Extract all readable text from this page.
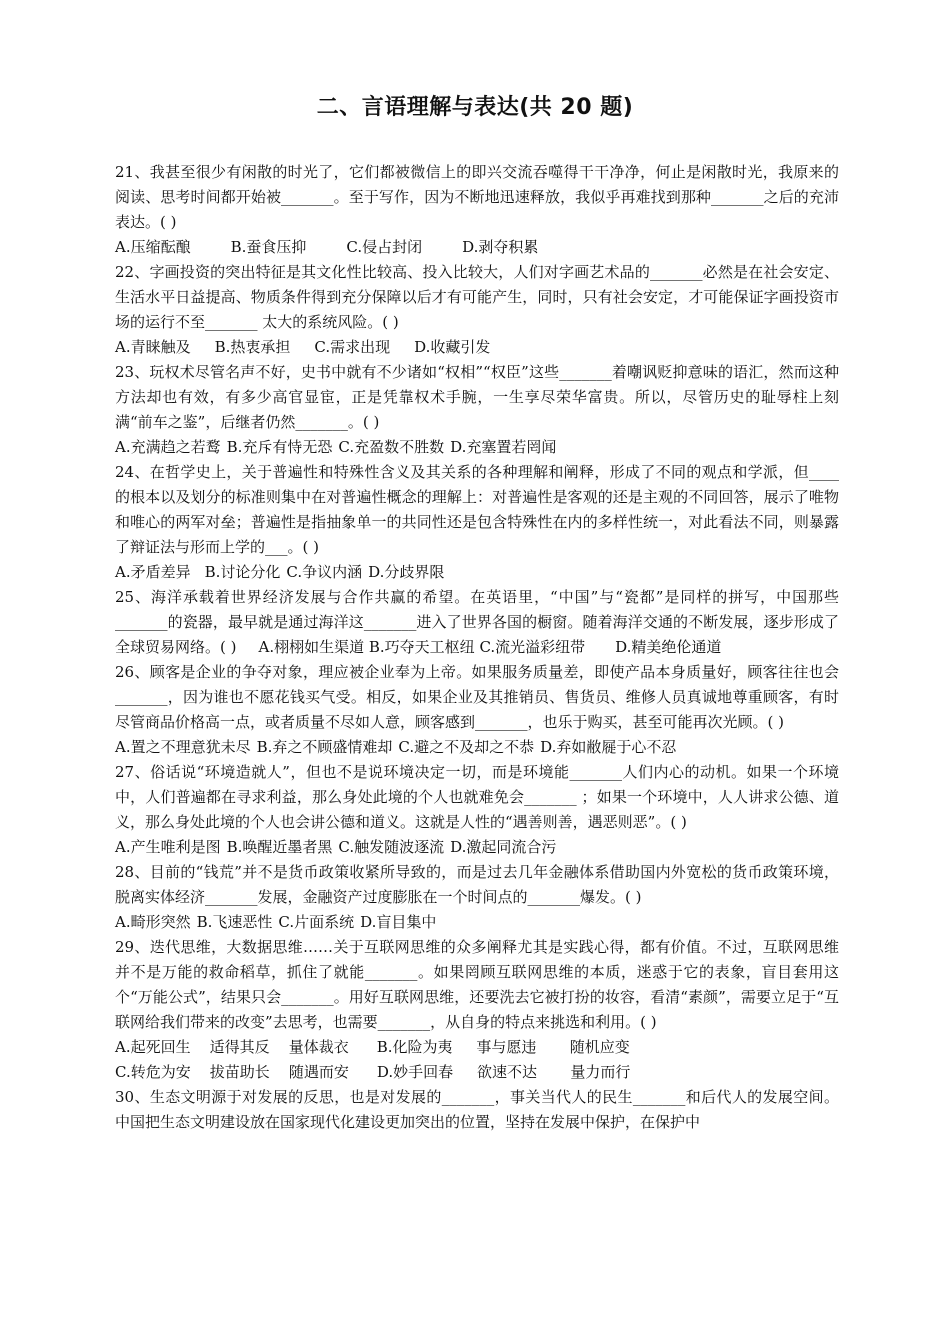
二、言语理解与表达(共 20 题)

21、我甚至很少有闲散的时光了，它们都被微信上的即兴交流吞噬得干干净净，何止是闲散时光，我原来的阅读、思考时间都开始被_______。至于写作，因为不断地迅速释放，我似乎再难找到那种_______之后的充沛表达。( )

A.压缩酝酿	B.蚕食压抑	C.侵占封闭	D.剥夺积累

22、字画投资的突出特征是其文化性比较高、投入比较大，人们对字画艺术品的_______必然是在社会安定、生活水平日益提高、物质条件得到充分保障以后才有可能产生，同时，只有社会安定，才可能保证字画投资市场的运行不至_______ 太大的系统风险。( )

A.青睐触及 B.热衷承担 C.需求出现 D.收藏引发

23、玩权术尽管名声不好，史书中就有不少诸如“权相”“权臣”这些_______着嘲讽贬抑意味的语汇，然而这种方法却也有效，有多少高官显宦，正是凭靠权术手腕，一生享尽荣华富贵。所以，尽管历史的耻辱柱上刻满“前车之鉴”，后继者仍然_______。( )

A.充满趋之若鹜 B.充斥有恃无恐 C.充盈数不胜数 D.充塞置若罔闻

24、在哲学史上，关于普遍性和特殊性含义及其关系的各种理解和阐释，形成了不同的观点和学派，但____的根本以及划分的标准则集中在对普遍性概念的理解上：对普遍性是客观的还是主观的不同回答，展示了唯物和唯心的两军对垒；普遍性是指抽象单一的共同性还是包含特殊性在内的多样性统一，对此看法不同，则暴露了辩证法与形而上学的___。( )

A.矛盾差异 B.讨论分化 C.争议内涵 D.分歧界限

25、海洋承载着世界经济发展与合作共赢的希望。在英语里，“中国”与“瓷都”是同样的拼写，中国那些_______的瓷器，最早就是通过海洋这_______进入了世界各国的橱窗。随着海洋交通的不断发展，逐步形成了全球贸易网络。( ) A.栩栩如生渠道 B.巧夺天工枢纽 C.流光溢彩纽带 D.精美绝伦通道

26、顾客是企业的争夺对象，理应被企业奉为上帝。如果服务质量差，即使产品本身质量好，顾客往往也会_______，因为谁也不愿花钱买气受。相反，如果企业及其推销员、售货员、维修人员真诚地尊重顾客，有时尽管商品价格高一点，或者质量不尽如人意，顾客感到_______，也乐于购买，甚至可能再次光顾。( )

A.置之不理意犹未尽 B.弃之不顾盛情难却 C.避之不及却之不恭 D.弃如敝屣于心不忍

27、俗话说“环境造就人”，但也不是说环境决定一切，而是环境能_______人们内心的动机。如果一个环境中，人们普遍都在寻求利益，那么身处此境的个人也就难免会_______ ；如果一个环境中，人人讲求公德、道义，那么身处此境的个人也会讲公德和道义。这就是人性的“遇善则善，遇恶则恶”。( )

A.产生唯利是图 B.唤醒近墨者黑 C.触发随波逐流 D.激起同流合污

28、目前的“钱荒”并不是货币政策收紧所导致的，而是过去几年金融体系借助国内外宽松的货币政策环境，脱离实体经济_______发展，金融资产过度膨胀在一个时间点的_______爆发。( )

A.畸形突然 B.飞速恶性 C.片面系统 D.盲目集中

29、迭代思维，大数据思维……关于互联网思维的众多阐释尤其是实践心得，都有价值。不过，互联网思维并不是万能的救命稻草，抓住了就能_______。如果罔顾互联网思维的本质，迷惑于它的表象，盲目套用这个“万能公式”，结果只会_______。用好互联网思维，还要洗去它被打扮的妆容，看清“素颜”，需要立足于“互联网给我们带来的改变”去思考，也需要_______，从自身的特点来挑选和利用。( )

A.起死回生    适得其反    量体裁衣 B.化险为夷     事与愿违       随机应变
C.转危为安    拔苗助长    随遇而安 D.妙手回春     欲速不达       量力而行

30、生态文明源于对发展的反思，也是对发展的_______，事关当代人的民生_______和后代人的发展空间。中国把生态文明建设放在国家现代化建设更加突出的位置，坚持在发展中保护，在保护中
